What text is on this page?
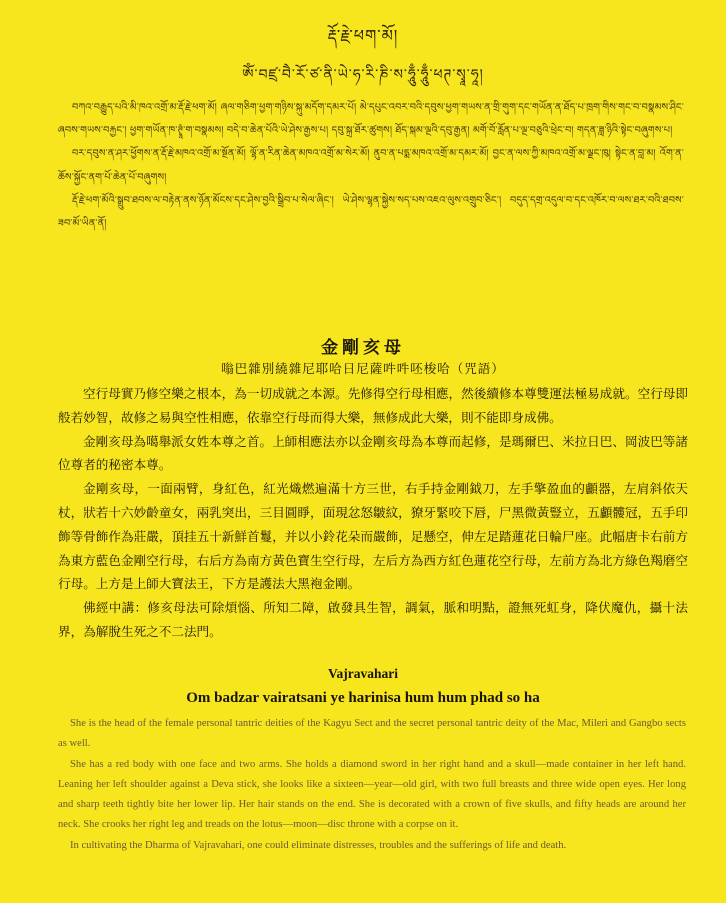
རྡོ་རྗེ་ཕག་མོ།
ཨོཾ་བཛྲ་བཻ་རོ་ཙ་ནི་ཡེ་ཧ་རི་ཎི་ས་ཧཱུྃ་ཧཱུྃ་ཕཊ་སྭཱ་ཧཱ།

བཀའ་བརྒྱུད་པའི་མི་ཁའ་འགྲོ་མ་རྡོ་རྗེ་ཕག་མོ། ཞལ་གཅིག་ཕྱག་གཉིས་སྐུ་མདོག་དམར་པོ། མེ་དཔུང་འབར་བའི་དབུས་ཕྱག་གཡས་ན་གྲི་གུག་དང་གཡོན་ན་ཐོད་པ་ཁྲག་གིས་གང་བ་བསྣམས་ཤིང་ཞབས་གཡས་བརྐྱང་། ཕྱག་གཡོན་ཁ་ཊྭཱཾ་ག་བསྣམས། བདེ་བ་ཆེན་པོའི་ཡེ་ཤེས་རྒྱས་པ། དབུ་སྐྲ་ཐོར་ཚུགས། ཐོད་སྐམ་ལྔའི་དབུ་རྒྱན། མགོ་བོ་རློན་པ་ལྔ་བཅུའི་ཕྲེང་བ། གདན་ཟླ་ཉིའི་སྟེང་བཞུགས་པ།

བར་དབུས་ན་ཤར་ཕྱོགས་ན་རྡོ་རྗེ་མཁའ་འགྲོ་མ་སྔོན་མོ། ལྷོ་ན་རིན་ཆེན་མཁའ་འགྲོ་མ་སེར་མོ། ནུབ་ན་པདྨ་མཁའ་འགྲོ་མ་དམར་མོ། བྱང་ན་ལས་ཀྱི་མཁའ་འགྲོ་མ་ལྗང་ཁུ། སྟེང་ན་བླ་མ། འོག་ན་ཆོས་སྐྱོང་ནག་པོ་ཆེན་པོ་བཞུགས།

རྡོ་རྗེ་ཕག་མོའི་སྒྲུབ་ཐབས་ལ་བརྟེན་ནས་ཉོན་མོངས་དང་ཤེས་བྱའི་སྒྲིབ་པ་སེལ་ཞིང་། ཡེ་ཤེས་ལྷན་སྐྱེས་སད་པས་འཇའ་ལུས་འགྲུབ་ཅིང་། བདུད་དགྲ་འདུལ་བ་དང་འཁོར་བ་ལས་ཐར་བའི་ཐབས་ཟབ་མོ་ཡིན་ནོ།

金剛亥母
嗡巴雜別繞雜尼耶哈日尼薩吽吽呸梭哈（咒語）

空行母實乃修空樂之根本，為一切成就之本源。先修得空行母相應，然後續修本尊雙運法極易成就。空行母即般若妙智，故修之易與空性相應，依靠空行母而得大樂，無修成此大樂，則不能即身成佛。

金剛亥母為噶舉派女姓本尊之首。上師相應法亦以金剛亥母為本尊而起修，是瑪爾巴、米拉日巴、岡波巴等諸位尊者的秘密本尊。

金剛亥母，一面兩臂，身紅色，紅光熾燃遍滿十方三世，右手持金剛鉞刀，左手擎盈血的顱器，左肩斜依天杖，狀若十六妙齡童女，兩乳突出，三目圓睜，面現忿怒皺紋，獠牙緊咬下唇，尸黑微黃豎立，五顱髏冠，五手印飾等骨飾作為莊嚴，頂挂五十新鮮首鬘，并以小鈴花朵而嚴飾，足懸空，伸左足踏蓮花日輪尸座。此幅唐卡右前方為東方藍色金剛空行母，右后方為南方黃色寶生空行母，左后方為西方紅色蓮花空行母，左前方為北方綠色羯磨空行母。上方是上師大寶法王，下方是護法大黑袍金剛。

佛經中講：修亥母法可除煩惱、所知二障，啟發具生智，調氣，脈和明點，證無死虹身，降伏魔仇，攝十法界，為解脫生死之不二法門。

Vajravahari
Om badzar vairatsani ye harinisa hum hum phad so ha

She is the head of the female personal tantric deities of the Kagyu Sect and the secret personal tantric deity of the Mac, Mileri and Gangbo sects as well.

She has a red body with one face and two arms. She holds a diamond sword in her right hand and a skull—made container in her left hand. Leaning her left shoulder against a Deva stick, she looks like a sixteen—year—old girl, with two full breasts and three wide open eyes. Her long and sharp teeth tightly bite her lower lip. Her hair stands on the end. She is decorated with a crown of five skulls, and fifty heads are around her neck. She crooks her right leg and treads on the lotus—moon—disc throne with a corpse on it.

In cultivating the Dharma of Vajravahari, one could eliminate distresses, troubles and the sufferings of life and death.
